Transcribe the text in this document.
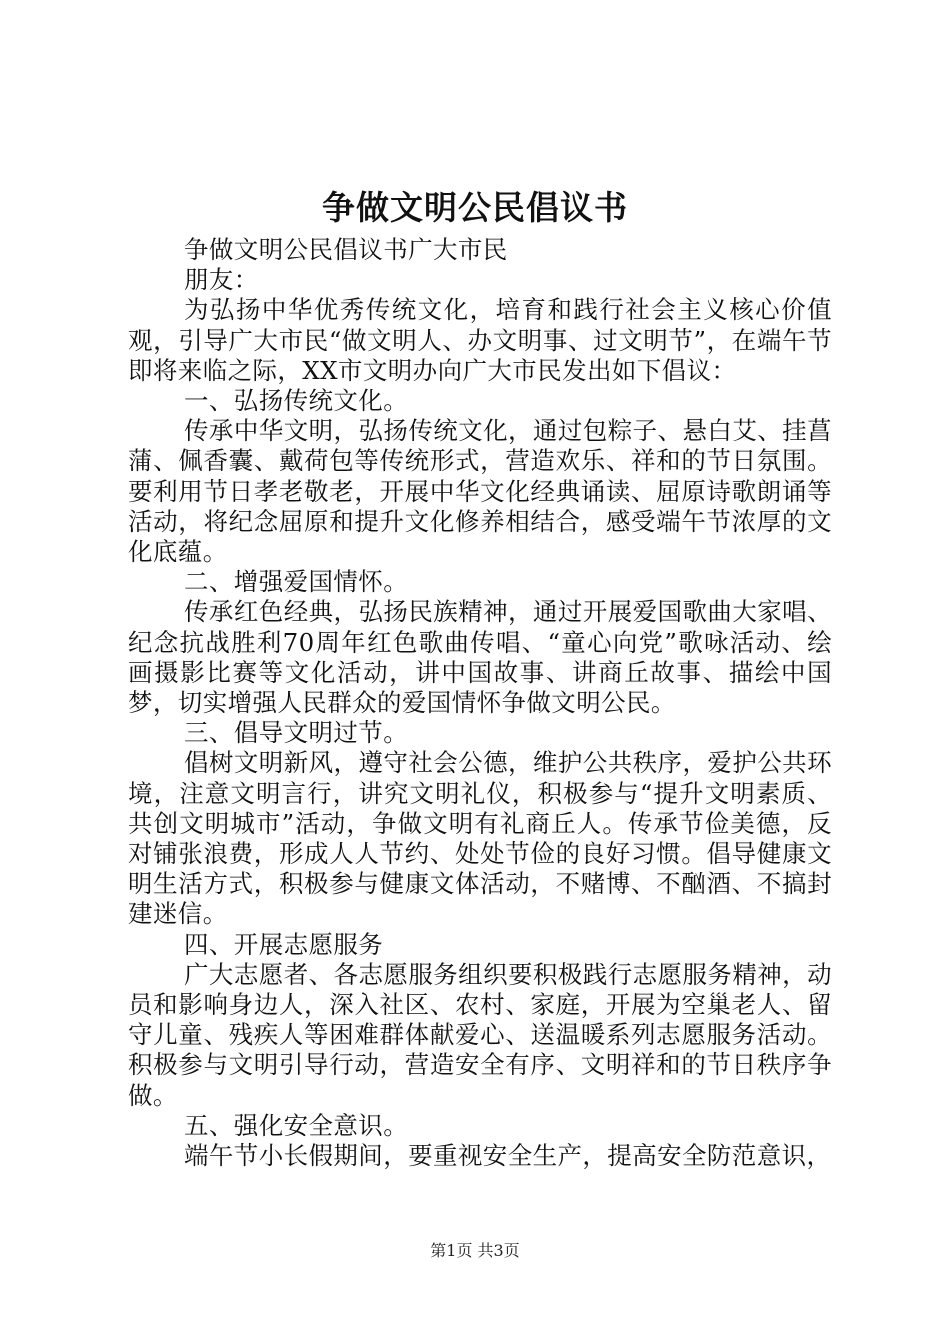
争做文明公民倡议书

争做文明公民倡议书广大市民

朋友：

为弘扬中华优秀传统文化，培育和践行社会主义核心价值观，引导广大市民“做文明人、办文明事、过文明节”，在端午节即将来临之际，XX市文明办向广大市民发出如下倡议：

一、弘扬传统文化。

传承中华文明，弘扬传统文化，通过包粽子、悬白艾、挂菖蒲、佩香囊、戴荷包等传统形式，营造欢乐、祥和的节日氛围。要利用节日孝老敬老，开展中华文化经典诵读、屈原诗歌朗诵等活动，将纪念屈原和提升文化修养相结合，感受端午节浓厚的文化底蕴。

二、增强爱国情怀。

传承红色经典，弘扬民族精神，通过开展爱国歌曲大家唱、纪念抗战胜利70周年红色歌曲传唱、“童心向党”歌咏活动、绘画摄影比赛等文化活动，讲中国故事、讲商丘故事、描绘中国梦，切实增强人民群众的爱国情怀争做文明公民。

三、倡导文明过节。

倡树文明新风，遵守社会公德，维护公共秩序，爱护公共环境，注意文明言行，讲究文明礼仪，积极参与“提升文明素质、共创文明城市”活动，争做文明有礼商丘人。传承节俭美德，反对铺张浪费，形成人人节约、处处节俭的良好习惯。倡导健康文明生活方式，积极参与健康文体活动，不赌博、不酗酒、不搞封建迷信。

四、开展志愿服务

广大志愿者、各志愿服务组织要积极践行志愿服务精神，动员和影响身边人，深入社区、农村、家庭，开展为空巢老人、留守儿童、残疾人等困难群体献爱心、送温暖系列志愿服务活动。积极参与文明引导行动，营造安全有序、文明祥和的节日秩序争做。

五、强化安全意识。

端午节小长假期间，要重视安全生产，提高安全防范意识，

第1页 共3页
